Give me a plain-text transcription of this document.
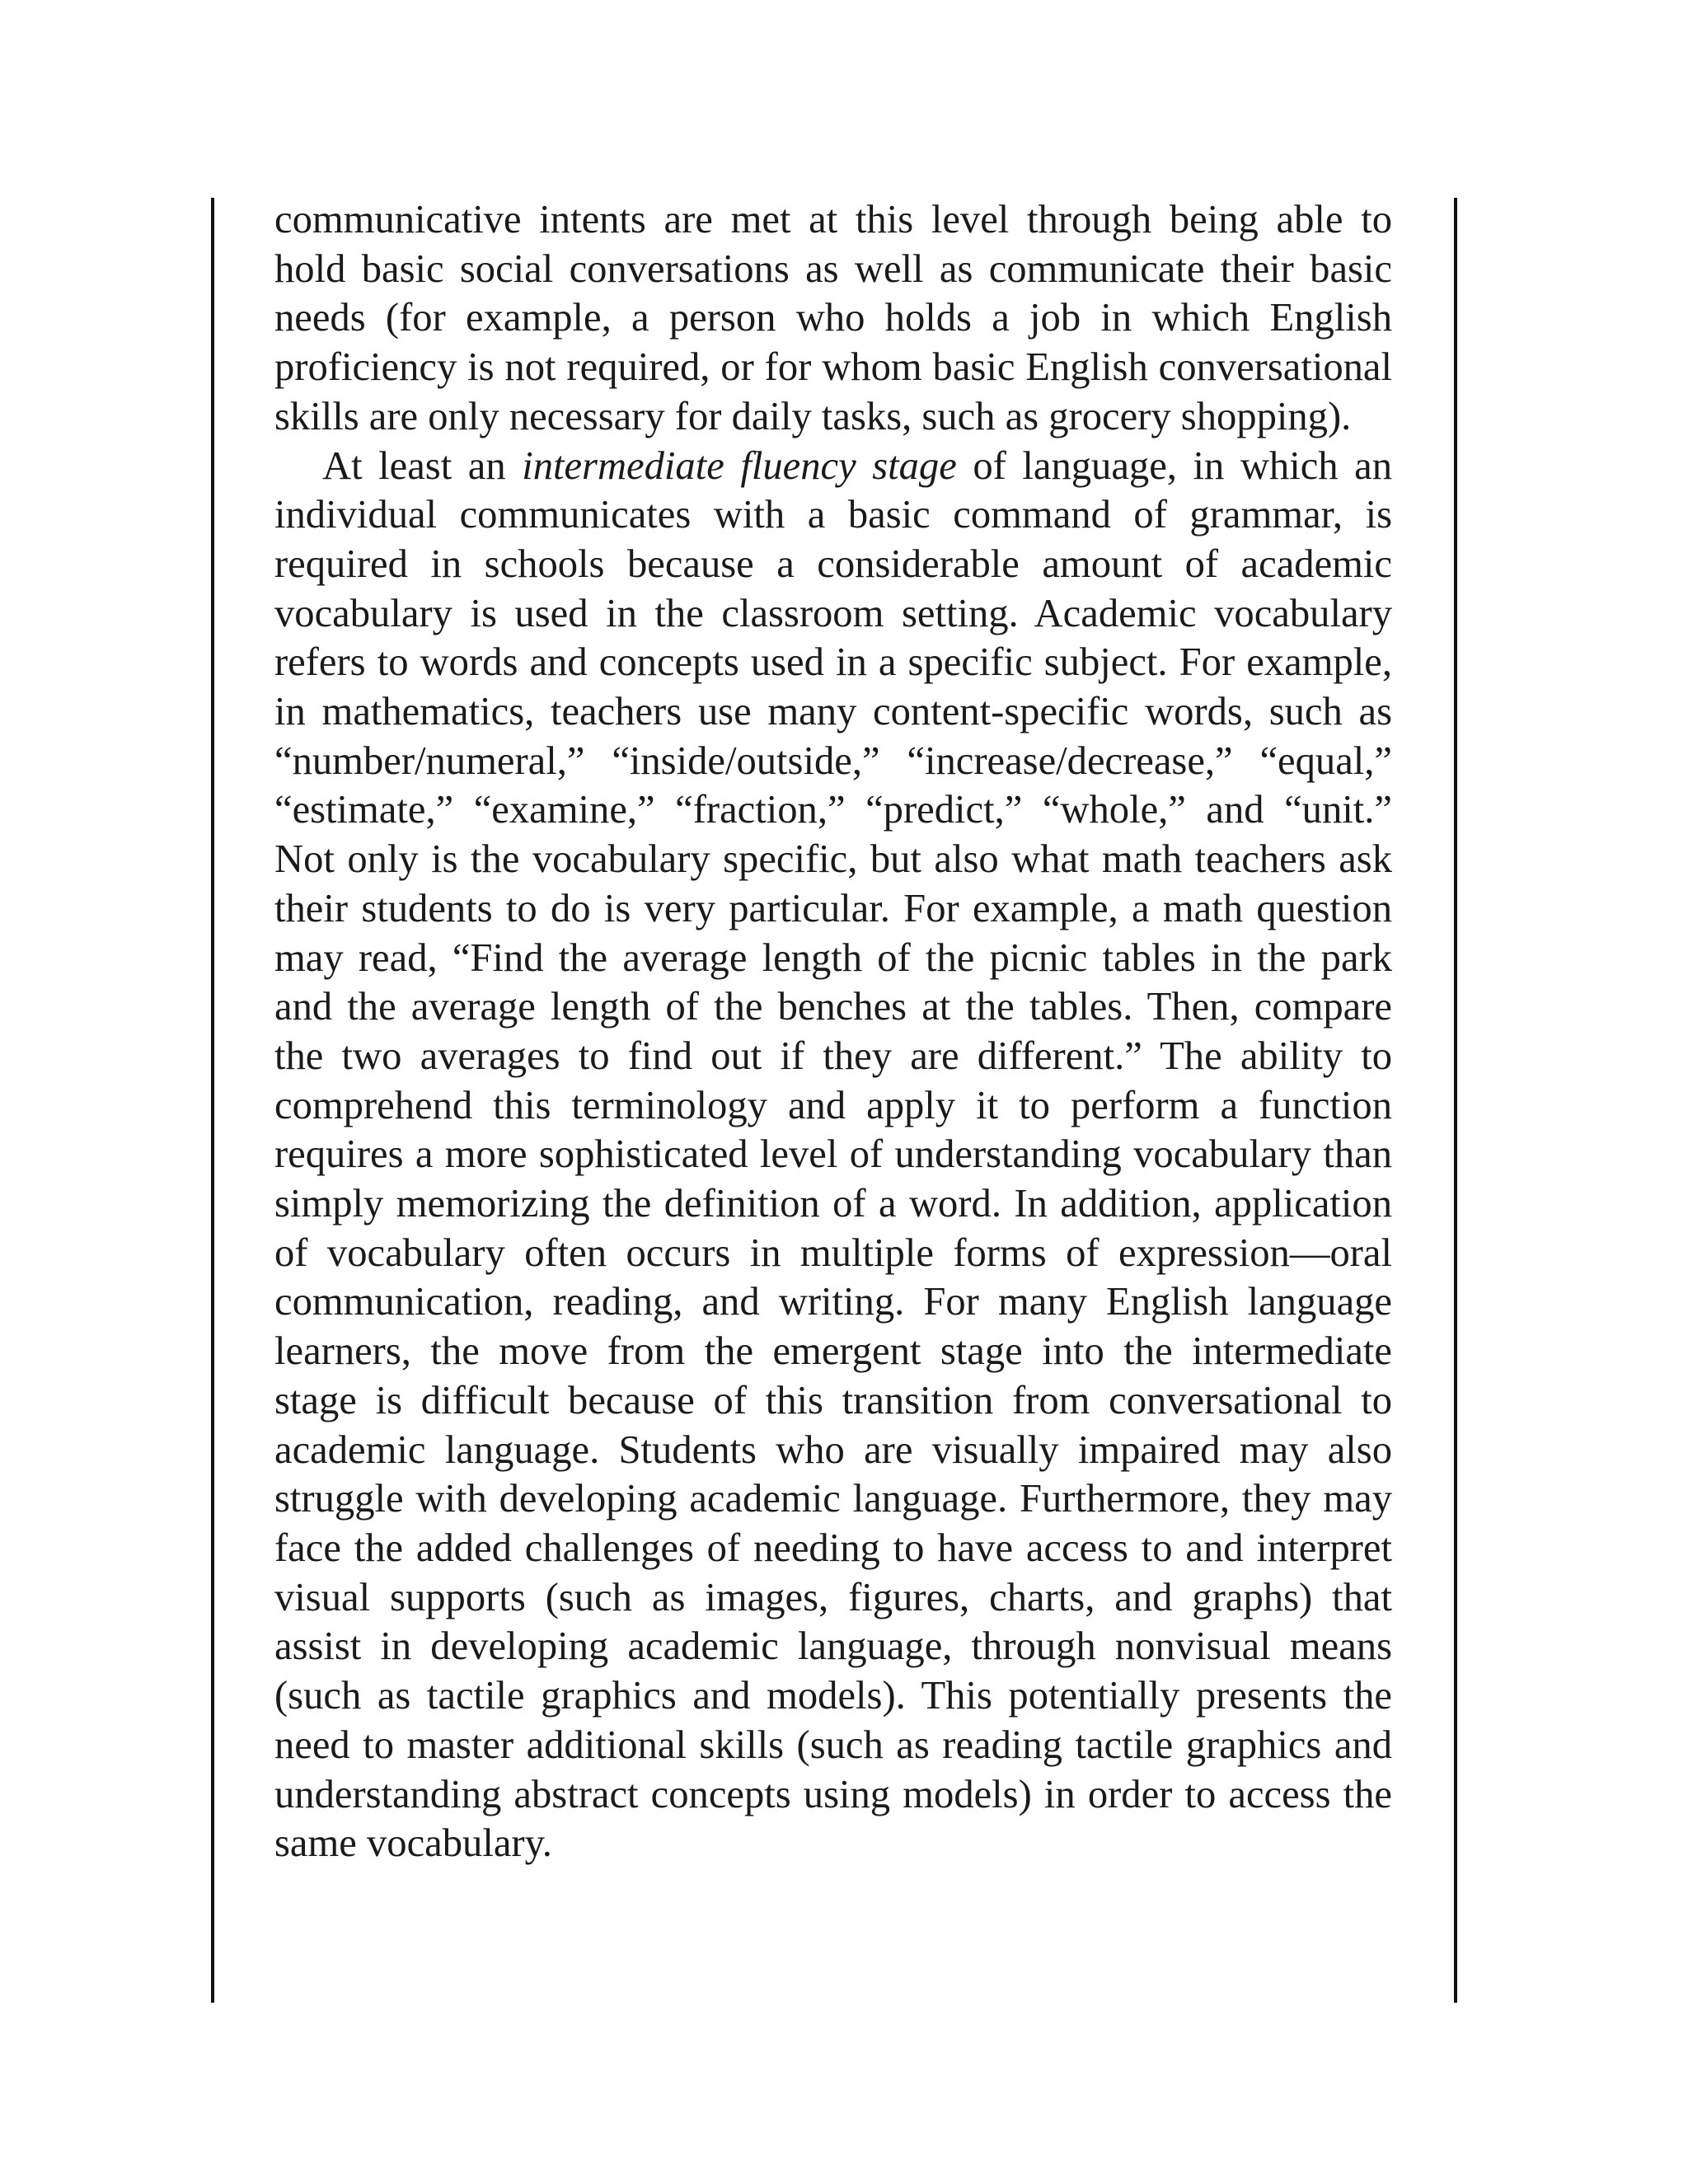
communicative intents are met at this level through being able to hold basic social conversations as well as communicate their basic needs (for example, a person who holds a job in which English proficiency is not required, or for whom basic English conversational skills are only necessary for daily tasks, such as grocery shopping).

At least an intermediate fluency stage of language, in which an individual communicates with a basic command of grammar, is required in schools because a considerable amount of academic vocabulary is used in the classroom setting. Academic vocabulary refers to words and concepts used in a specific subject. For example, in mathematics, teachers use many content-specific words, such as “number/numeral,” “inside/outside,” “increase/decrease,” “equal,” “estimate,” “examine,” “fraction,” “predict,” “whole,” and “unit.” Not only is the vocabulary specific, but also what math teachers ask their students to do is very particular. For example, a math question may read, “Find the average length of the picnic tables in the park and the average length of the benches at the tables. Then, compare the two averages to find out if they are different.” The ability to comprehend this terminology and apply it to perform a function requires a more sophisticated level of understanding vocabulary than simply memorizing the definition of a word. In addition, application of vocabulary often occurs in multiple forms of expression—oral communication, reading, and writing. For many English language learners, the move from the emergent stage into the intermediate stage is difficult because of this transition from conversational to academic language. Students who are visually impaired may also struggle with developing academic language. Furthermore, they may face the added challenges of needing to have access to and interpret visual supports (such as images, figures, charts, and graphs) that assist in developing academic language, through nonvisual means (such as tactile graphics and models). This potentially presents the need to master additional skills (such as reading tactile graphics and understanding abstract concepts using models) in order to access the same vocabulary.
